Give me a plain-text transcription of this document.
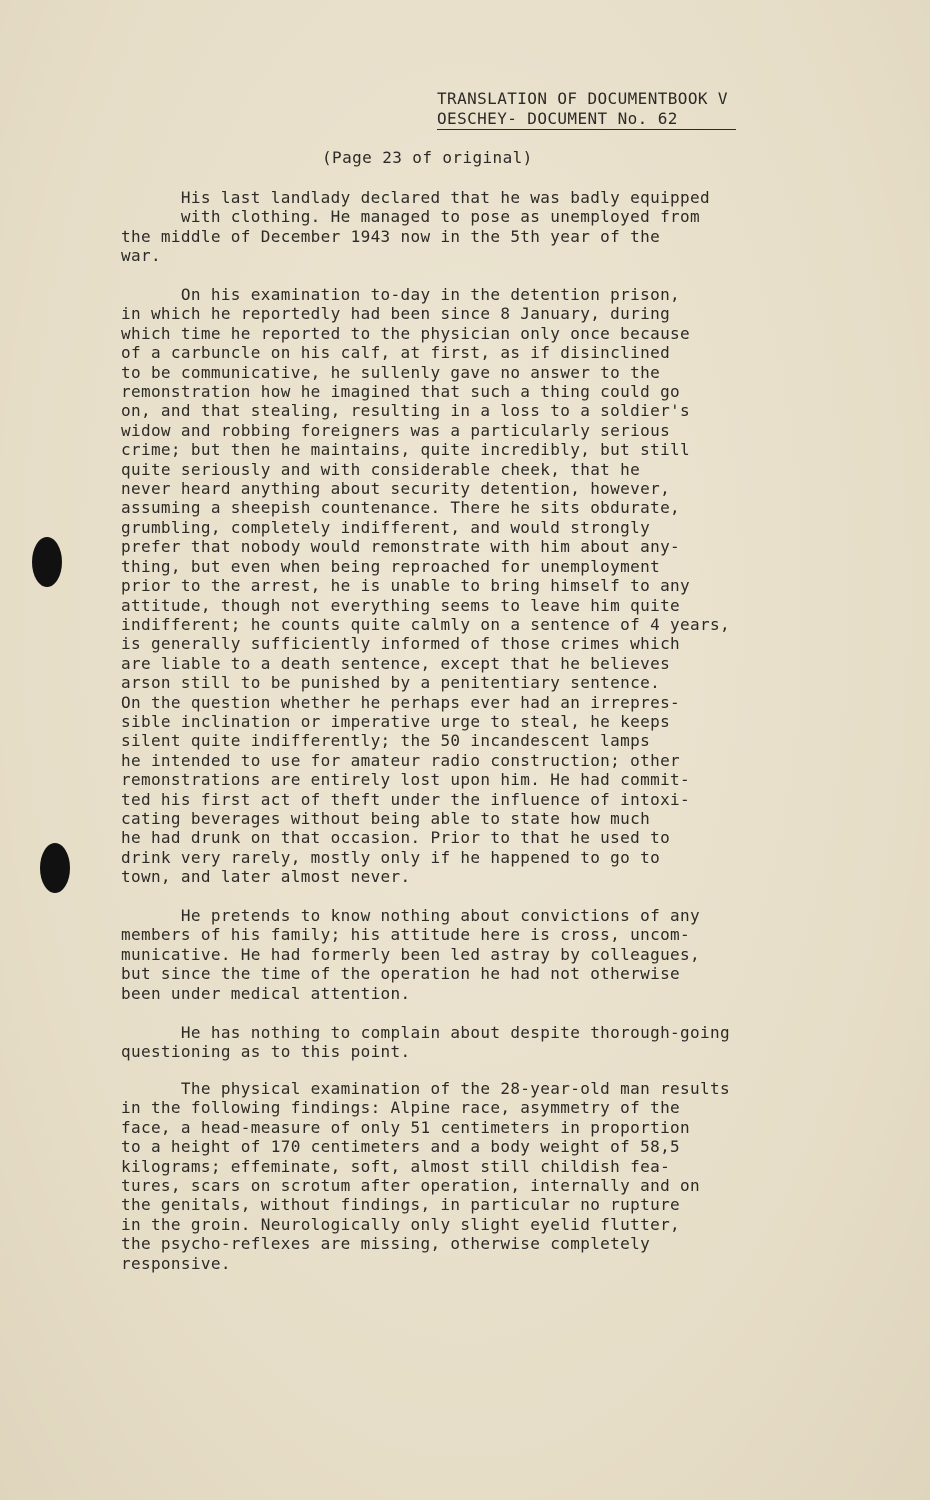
TRANSLATION OF DOCUMENTBOOK V
OESCHEY- DOCUMENT No. 62
(Page 23 of original)
His last landlady declared that he was badly equipped
with clothing. He managed to pose as unemployed from
the middle of December 1943 now in the 5th year of the
war.
On his examination to-day in the detention prison,
in which he reportedly had been since 8 January, during
which time he reported to the physician only once because
of a carbuncle on his calf, at first, as if disinclined
to be communicative, he sullenly gave no answer to the
remonstration how he imagined that such a thing could go
on, and that stealing, resulting in a loss to a soldier's
widow and robbing foreigners was a particularly serious
crime; but then he maintains, quite incredibly, but still
quite seriously and with considerable cheek, that he
never heard anything about security detention, however,
assuming a sheepish countenance. There he sits obdurate,
grumbling, completely indifferent, and would strongly
prefer that nobody would remonstrate with him about any-
thing, but even when being reproached for unemployment
prior to the arrest, he is unable to bring himself to any
attitude, though not everything seems to leave him quite
indifferent; he counts quite calmly on a sentence of 4 years,
is generally sufficiently informed of those crimes which
are liable to a death sentence, except that he believes
arson still to be punished by a penitentiary sentence.
On the question whether he perhaps ever had an irrepres-
sible inclination or imperative urge to steal, he keeps
silent quite indifferently; the 50 incandescent lamps
he intended to use for amateur radio construction; other
remonstrations are entirely lost upon him. He had commit-
ted his first act of theft under the influence of intoxi-
cating beverages without being able to state how much
he had drunk on that occasion. Prior to that he used to
drink very rarely, mostly only if he happened to go to
town, and later almost never.
He pretends to know nothing about convictions of any
members of his family; his attitude here is cross, uncom-
municative. He had formerly been led astray by colleagues,
but since the time of the operation he had not otherwise
been under medical attention.
He has nothing to complain about despite thorough-going
questioning as to this point.
The physical examination of the 28-year-old man results
in the following findings: Alpine race, asymmetry of the
face, a head-measure of only 51 centimeters in proportion
to a height of 170 centimeters and a body weight of 58,5
kilograms; effeminate, soft, almost still childish fea-
tures, scars on scrotum after operation, internally and on
the genitals, without findings, in particular no rupture
in the groin. Neurologically only slight eyelid flutter,
the psycho-reflexes are missing, otherwise completely
responsive.
